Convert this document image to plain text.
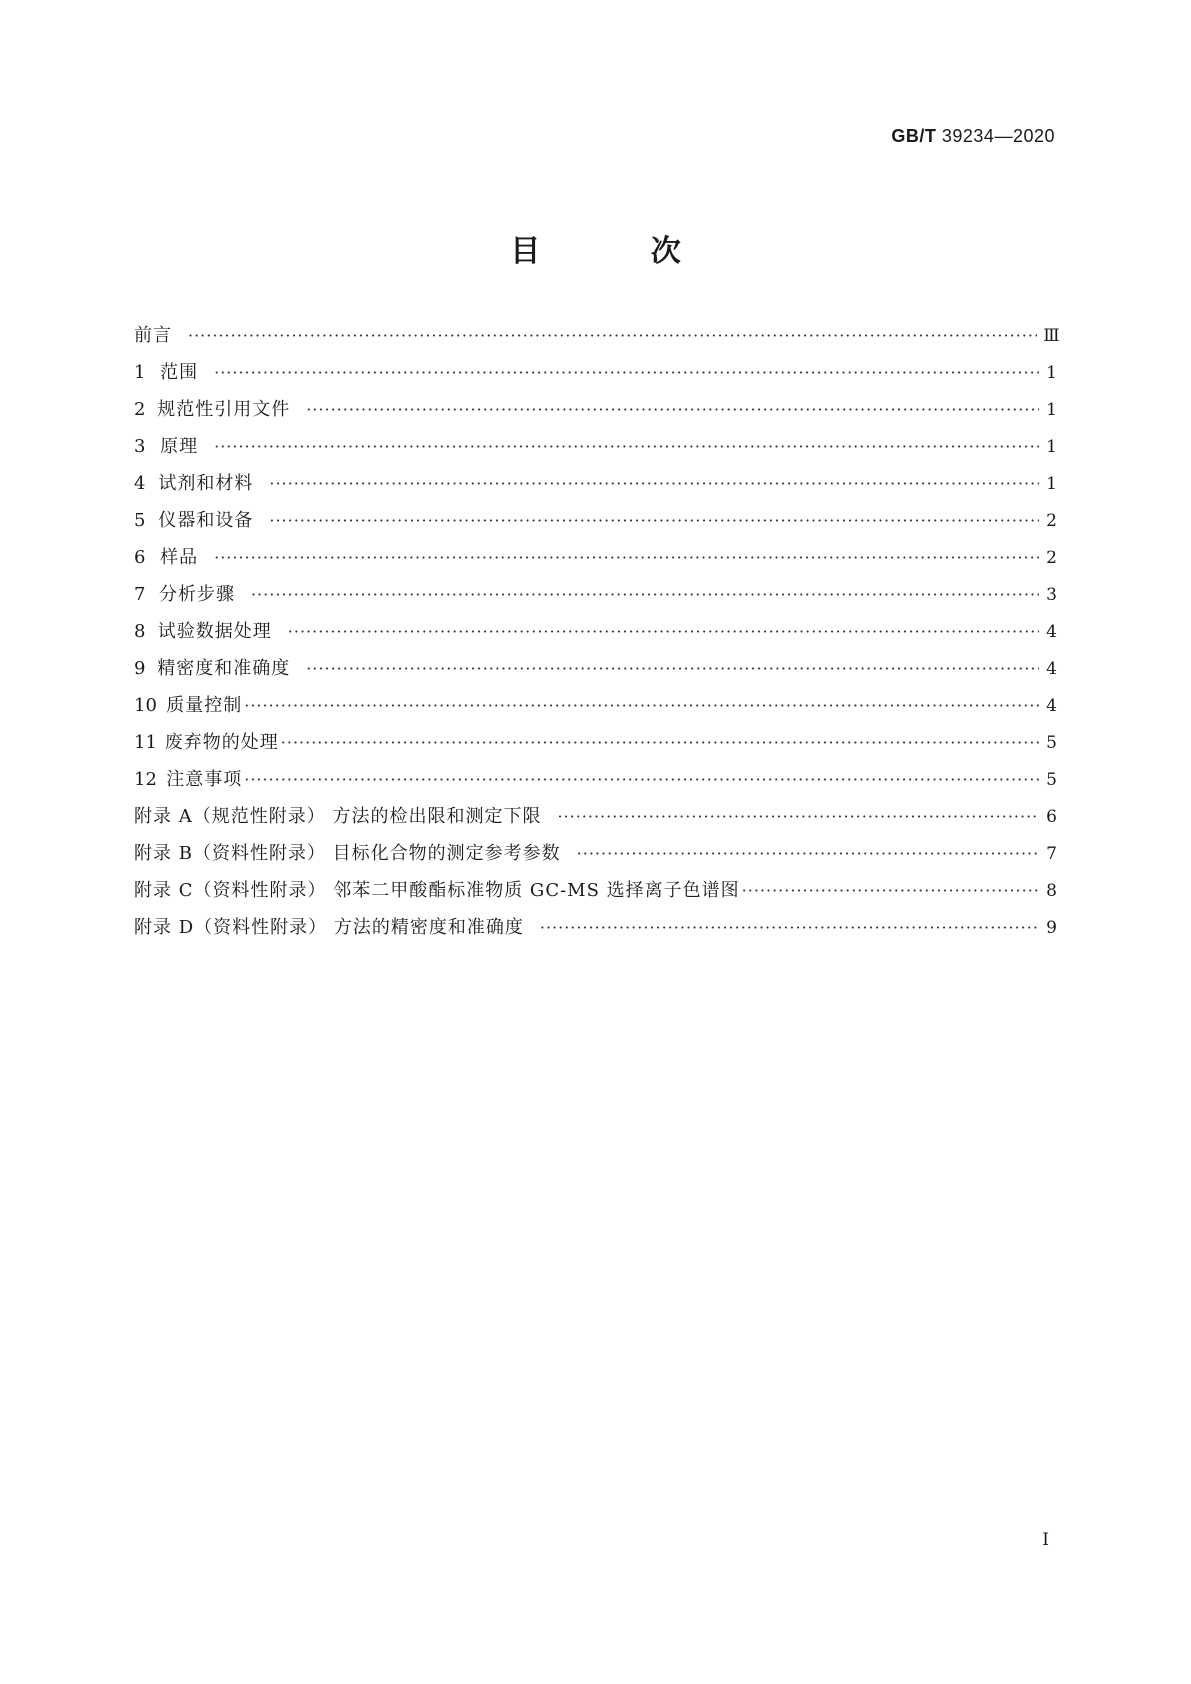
GB/T 39234—2020
目 次
前言 ·····	Ⅲ
1 范围 ·····	1
2 规范性引用文件 ·····	1
3 原理 ·····	1
4 试剂和材料 ·····	1
5 仪器和设备 ·····	2
6 样品 ·····	2
7 分析步骤 ·····	3
8 试验数据处理 ·····	4
9 精密度和准确度 ·····	4
10 质量控制 ·····	4
11 废弃物的处理 ·····	5
12 注意事项 ·····	5
附录 A（规范性附录） 方法的检出限和测定下限 ·····	6
附录 B（资料性附录） 目标化合物的测定参考参数 ·····	7
附录 C（资料性附录） 邻苯二甲酸酯标准物质 GC-MS 选择离子色谱图 ·····	8
附录 D（资料性附录） 方法的精密度和准确度 ·····	9
I
